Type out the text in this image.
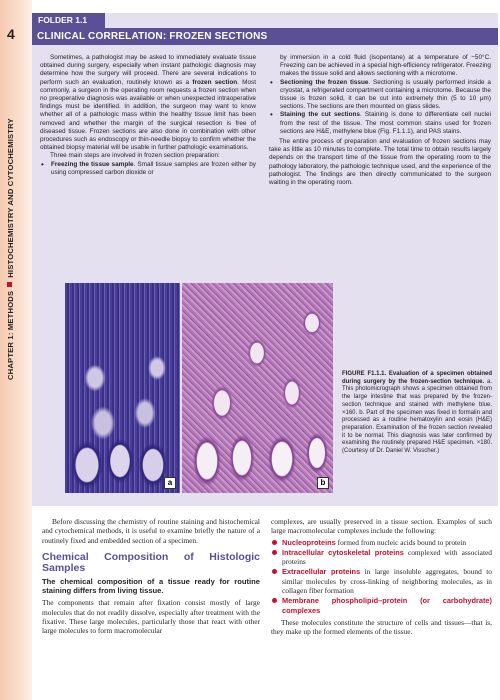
4
CHAPTER 1: METHODSHISTOCHEMISTRY AND CYTOCHEMISTRY
FOLDER 1.1
CLINICAL CORRELATION: FROZEN SECTIONS

Sometimes, a pathologist may be asked to immediately evaluate tissue obtained during surgery, especially when instant pathologic diagnosis may determine how the surgery will proceed. There are several indications to perform such an evaluation, routinely known as a frozen section. Most commonly, a surgeon in the operating room requests a frozen section when no preoperative diagnosis was available or when unexpected intraoperative findings must be identified. In addition, the surgeon may want to know whether all of a pathologic mass within the healthy tissue limit has been removed and whether the margin of the surgical resection is free of diseased tissue. Frozen sections are also done in combination with other procedures such as endoscopy or thin-needle biopsy to confirm whether the obtained biopsy material will be usable in further pathologic examinations.

Three main steps are involved in frozen section preparation:

• Freezing the tissue sample. Small tissue samples are frozen either by using compressed carbon dioxide or

by immersion in a cold fluid (isopentane) at a temperature of −50°C. Freezing can be achieved in a special high-efficiency refrigerator. Freezing makes the tissue solid and allows sectioning with a microtome.

• Sectioning the frozen tissue. Sectioning is usually performed inside a cryostat, a refrigerated compartment containing a microtome. Because the tissue is frozen solid, it can be cut into extremely thin (5 to 10 μm) sections. The sections are then mounted on glass slides.
• Staining the cut sections. Staining is done to differentiate cell nuclei from the rest of the tissue. The most common stains used for frozen sections are H&E, methylene blue (Fig. F1.1.1), and PAS stains.

The entire process of preparation and evaluation of frozen sections may take as little as 10 minutes to complete. The total time to obtain results largely depends on the transport time of the tissue from the operating room to the pathology laboratory, the pathologic technique used, and the experience of the pathologist. The findings are then directly communicated to the surgeon waiting in the operating room.

a	b
FIGURE F1.1.1. Evaluation of a specimen obtained during surgery by the frozen-section technique. a. This photomicrograph shows a specimen obtained from the large intestine that was prepared by the frozen-section technique and stained with methylene blue. ×160. b. Part of the specimen was fixed in formalin and processed as a routine hematoxylin and eosin (H&E) preparation. Examination of the frozen section revealed it to be normal. This diagnosis was later confirmed by examining the routinely prepared H&E specimen. ×180. (Courtesy of Dr. Daniel W. Visscher.)

Before discussing the chemistry of routine staining and histochemical and cytochemical methods, it is useful to examine briefly the nature of a routinely fixed and embedded section of a specimen.

Chemical Composition of Histologic Samples
The chemical composition of a tissue ready for routine staining differs from living tissue.

The components that remain after fixation consist mostly of large molecules that do not readily dissolve, especially after treatment with the fixative. These large molecules, particularly those that react with other large molecules to form macromolecular

complexes, are usually preserved in a tissue section. Examples of such large macromolecular complexes include the following:

Nucleoproteins formed from nucleic acids bound to protein
Intracellular cytoskeletal proteins complexed with associated proteins
Extracellular proteins in large insoluble aggregates, bound to similar molecules by cross-linking of neighboring molecules, as in collagen fiber formation
Membrane phospholipid–protein (or carbohydrate) complexes

These molecules constitute the structure of cells and tissues—that is, they make up the formed elements of the tissue.
